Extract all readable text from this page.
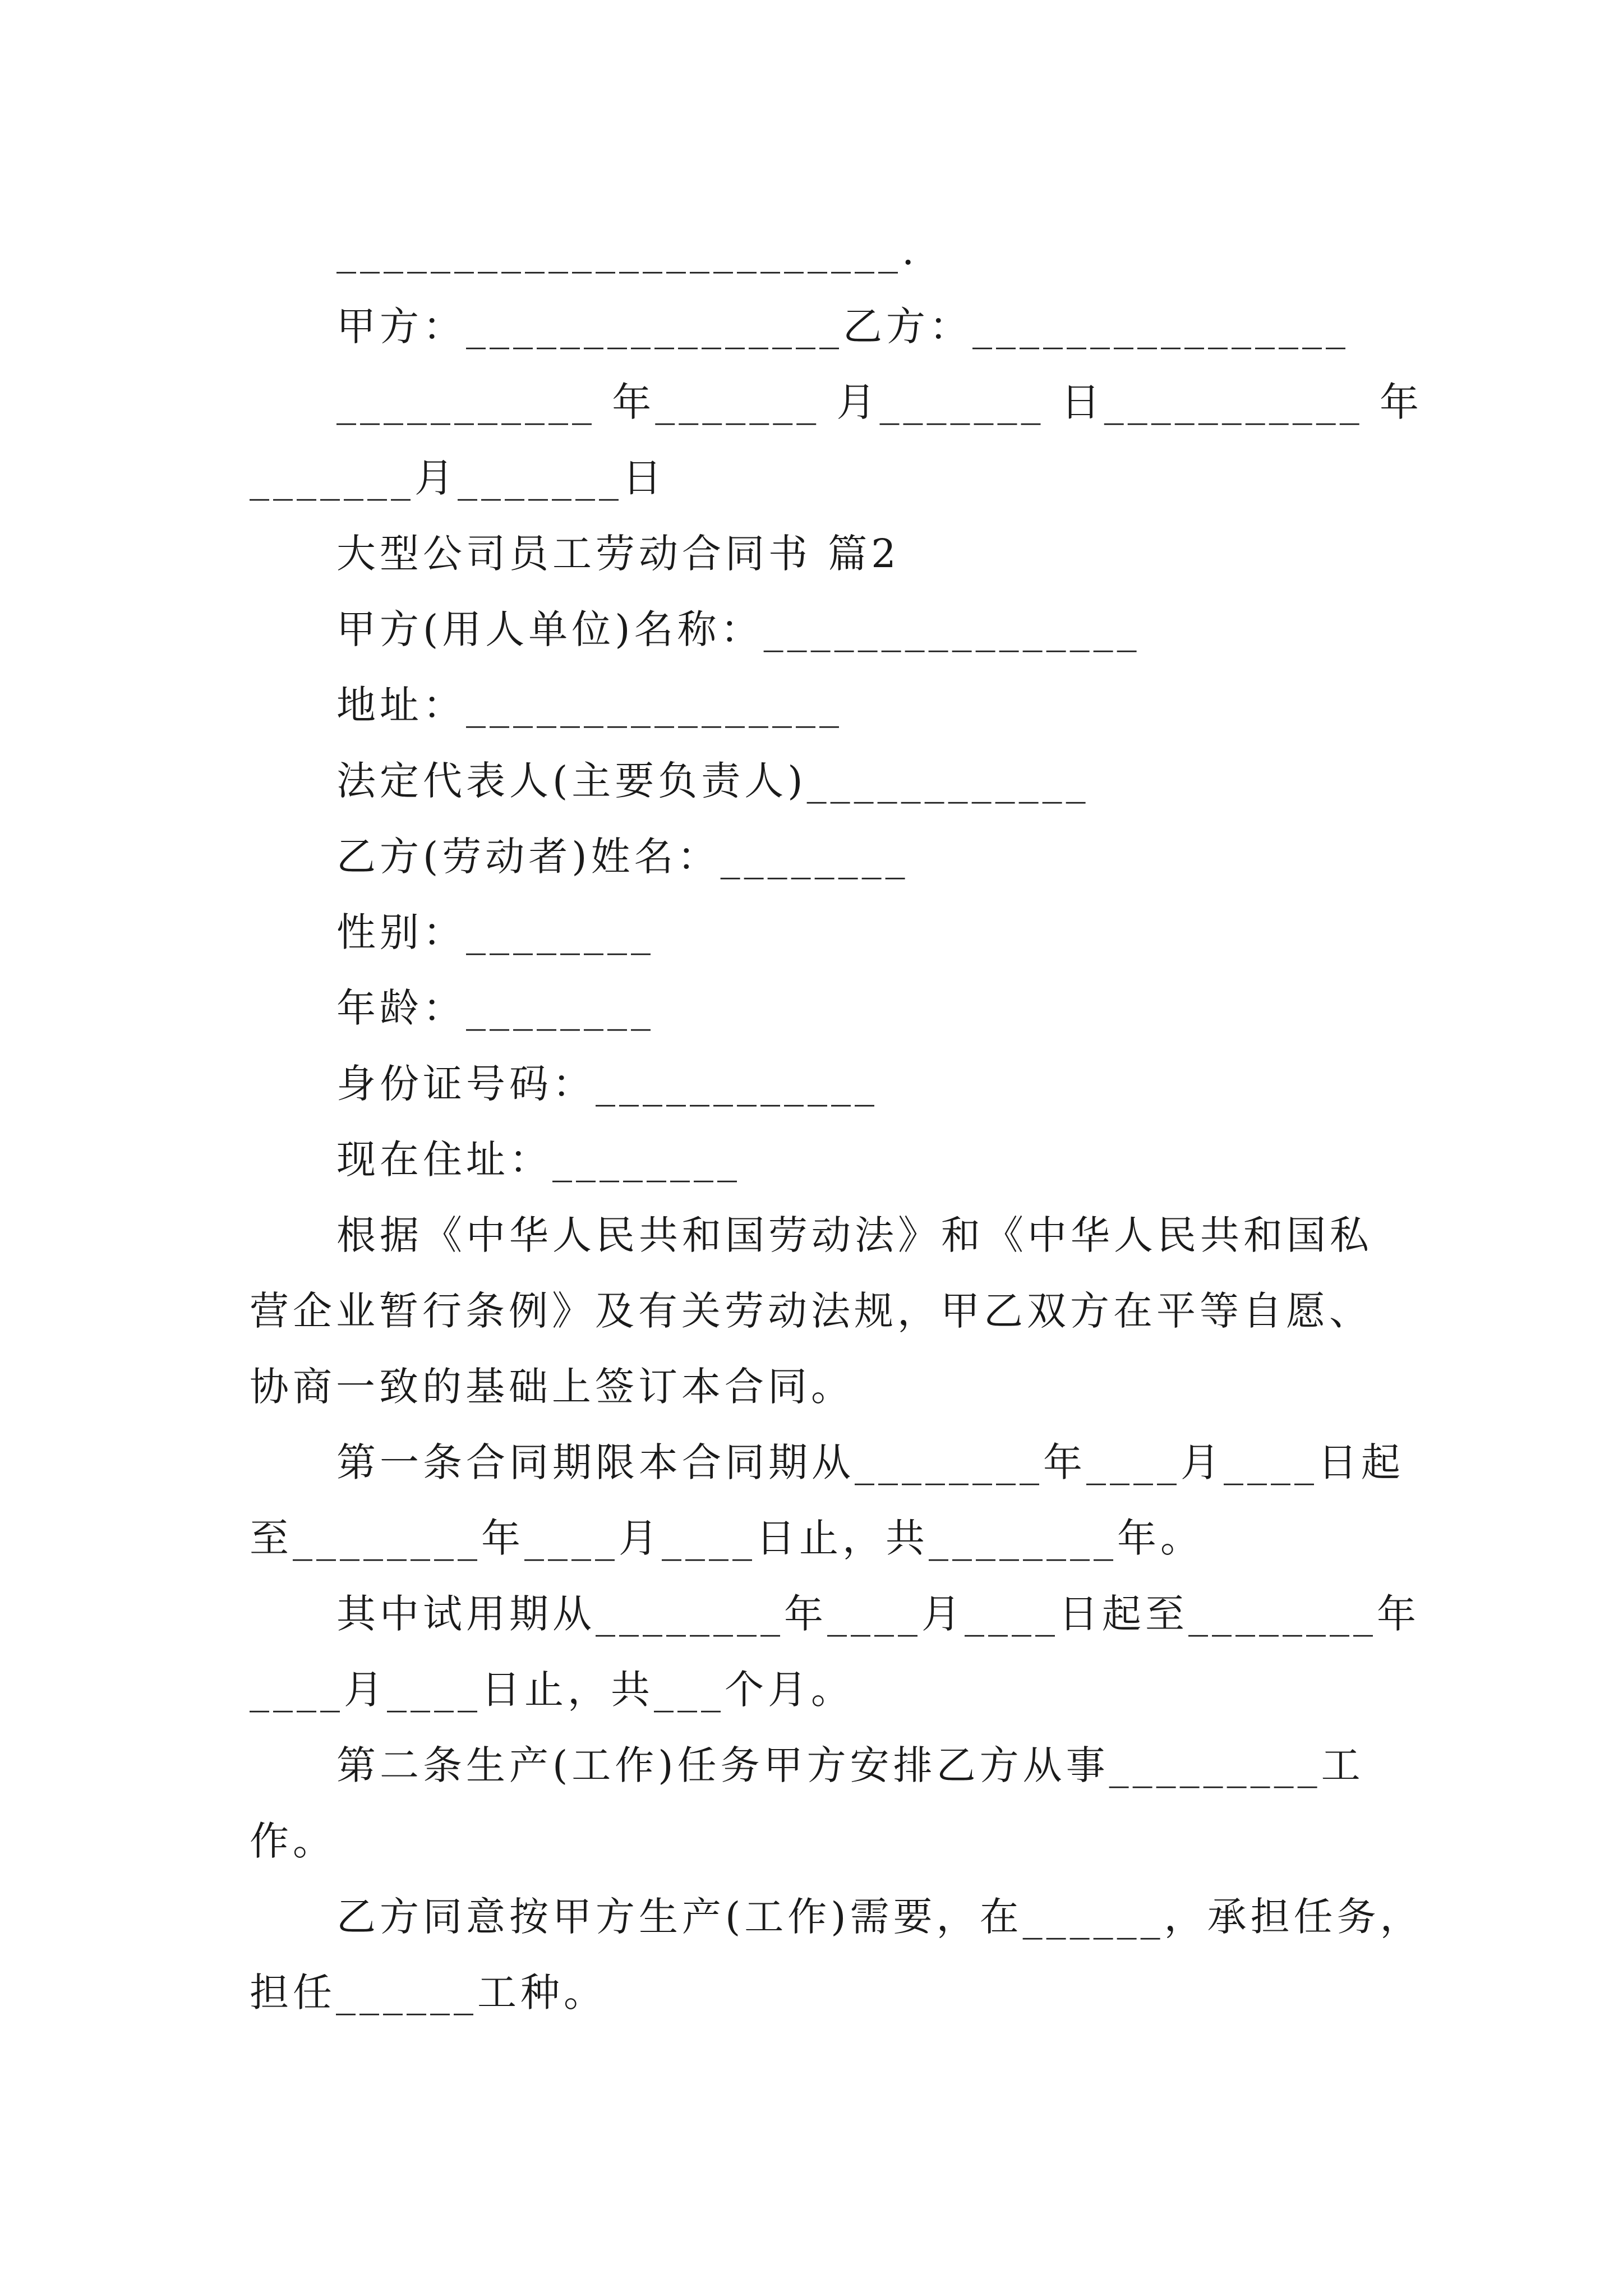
________________________.
甲方：________________乙方：________________
___________ 年_______ 月_______ 日___________ 年
_______月_______日
大型公司员工劳动合同书 篇2
甲方(用人单位)名称：________________
地址：________________
法定代表人(主要负责人)____________
乙方(劳动者)姓名：________
性别：________
年龄：________
身份证号码：____________
现在住址：________
根据《中华人民共和国劳动法》和《中华人民共和国私
营企业暂行条例》及有关劳动法规，甲乙双方在平等自愿、
协商一致的基础上签订本合同。
第一条合同期限本合同期从________年____月____日起
至________年____月____日止，共________年。
其中试用期从________年____月____日起至________年
____月____日止，共___个月。
第二条生产(工作)任务甲方安排乙方从事_________工
作。
乙方同意按甲方生产(工作)需要，在______，承担任务，
担任______工种。
